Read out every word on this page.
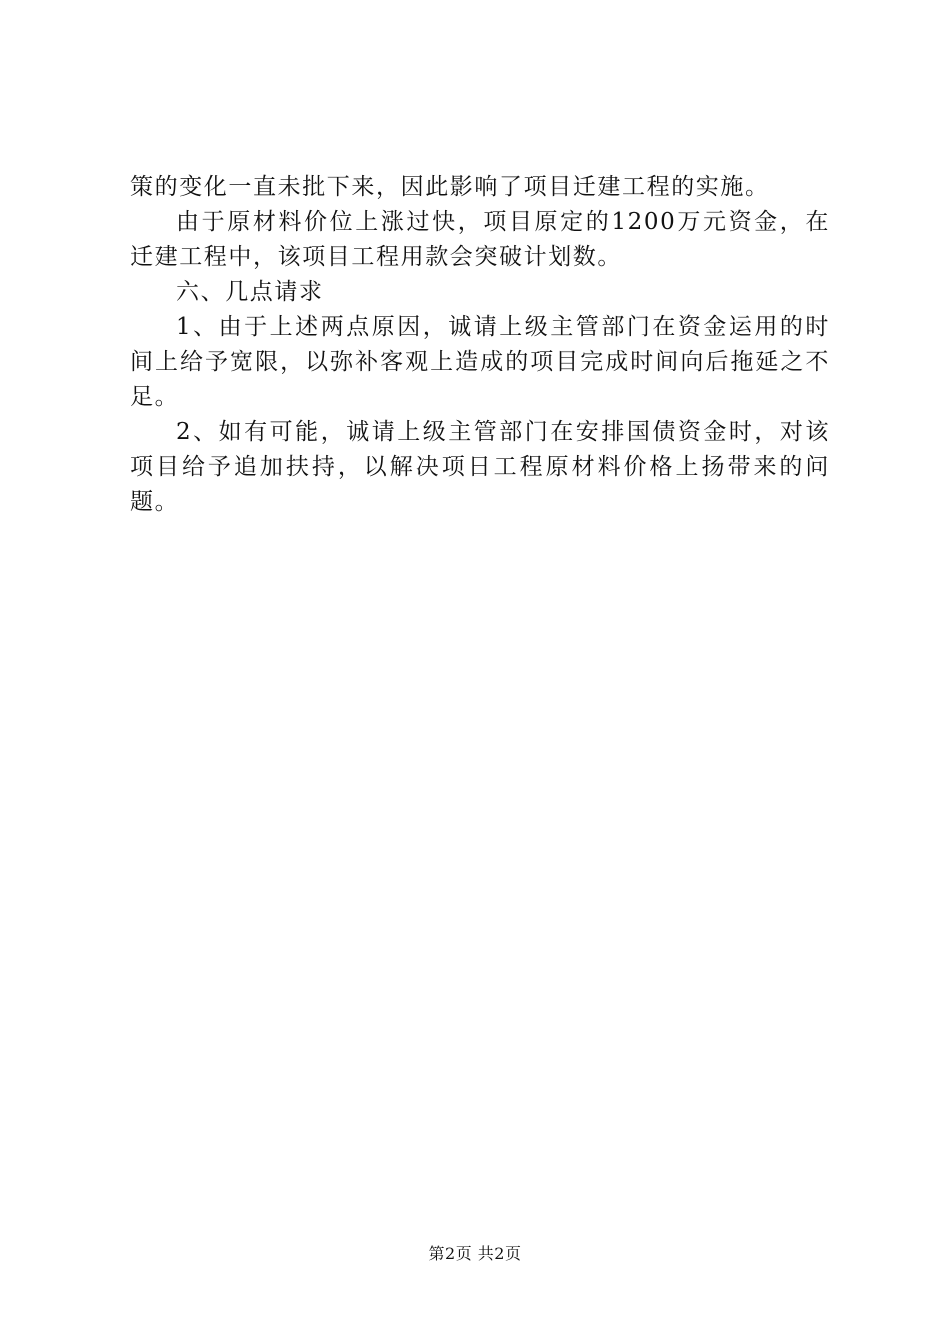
策的变化一直未批下来，因此影响了项目迁建工程的实施。

由于原材料价位上涨过快，项目原定的1200万元资金，在迁建工程中，该项目工程用款会突破计划数。

六、几点请求

1、由于上述两点原因，诚请上级主管部门在资金运用的时间上给予宽限，以弥补客观上造成的项目完成时间向后拖延之不足。

2、如有可能，诚请上级主管部门在安排国债资金时，对该项目给予追加扶持，以解决项日工程原材料价格上扬带来的问题。

第2页 共2页
